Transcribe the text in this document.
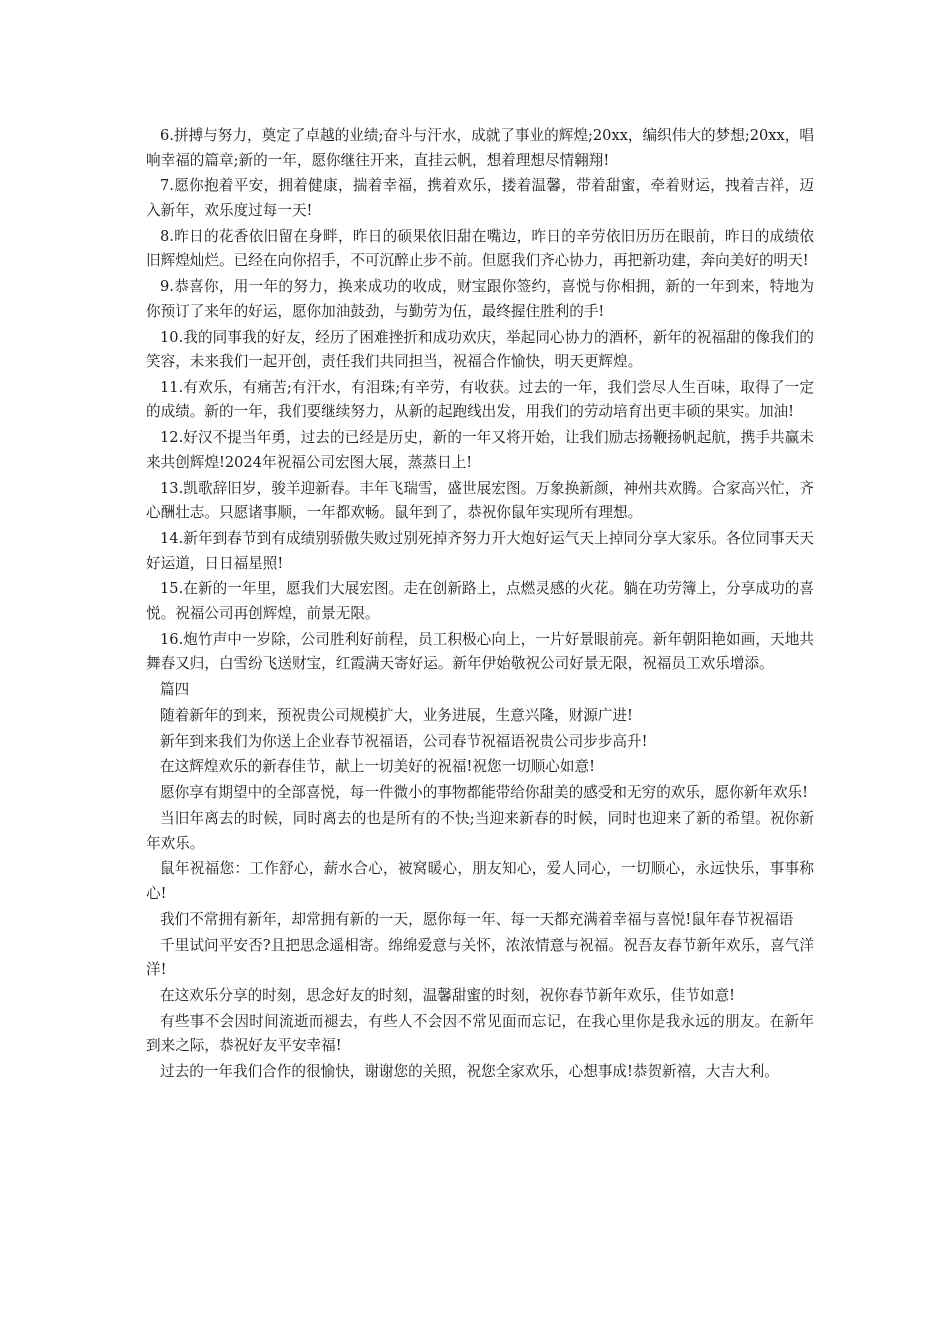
6.拼搏与努力，奠定了卓越的业绩;奋斗与汗水，成就了事业的辉煌;20xx，编织伟大的梦想;20xx，唱响幸福的篇章;新的一年，愿你继往开来，直挂云帆，想着理想尽情翱翔!

7.愿你抱着平安，拥着健康，揣着幸福，携着欢乐，搂着温馨，带着甜蜜，牵着财运，拽着吉祥，迈入新年，欢乐度过每一天!

8.昨日的花香依旧留在身畔，昨日的硕果依旧甜在嘴边，昨日的辛劳依旧历历在眼前，昨日的成绩依旧辉煌灿烂。已经在向你招手，不可沉醉止步不前。但愿我们齐心协力，再把新功建，奔向美好的明天!

9.恭喜你，用一年的努力，换来成功的收成，财宝跟你签约，喜悦与你相拥，新的一年到来，特地为你预订了来年的好运，愿你加油鼓劲，与勤劳为伍，最终握住胜利的手!

10.我的同事我的好友，经历了困难挫折和成功欢庆，举起同心协力的酒杯，新年的祝福甜的像我们的笑容，未来我们一起开创，责任我们共同担当，祝福合作愉快，明天更辉煌。

11.有欢乐，有痛苦;有汗水，有泪珠;有辛劳，有收获。过去的一年，我们尝尽人生百味，取得了一定的成绩。新的一年，我们要继续努力，从新的起跑线出发，用我们的劳动培育出更丰硕的果实。加油!

12.好汉不提当年勇，过去的已经是历史，新的一年又将开始，让我们励志扬鞭扬帆起航，携手共赢未来共创辉煌!2024年祝福公司宏图大展，蒸蒸日上!

13.凯歌辞旧岁，骏羊迎新春。丰年飞瑞雪，盛世展宏图。万象换新颜，神州共欢腾。合家高兴忙，齐心酬壮志。只愿诸事顺，一年都欢畅。鼠年到了，恭祝你鼠年实现所有理想。

14.新年到春节到有成绩别骄傲失败过别死掉齐努力开大炮好运气天上掉同分享大家乐。各位同事天天好运道，日日福星照!

15.在新的一年里，愿我们大展宏图。走在创新路上，点燃灵感的火花。躺在功劳簿上，分享成功的喜悦。祝福公司再创辉煌，前景无限。

16.炮竹声中一岁除，公司胜利好前程，员工积极心向上，一片好景眼前亮。新年朝阳艳如画，天地共舞春又归，白雪纷飞送财宝，红霞满天寄好运。新年伊始敬祝公司好景无限，祝福员工欢乐增添。

篇四

随着新年的到来，预祝贵公司规模扩大，业务进展，生意兴隆，财源广进!

新年到来我们为你送上企业春节祝福语，公司春节祝福语祝贵公司步步高升!

在这辉煌欢乐的新春佳节，献上一切美好的祝福!祝您一切顺心如意!

愿你享有期望中的全部喜悦，每一件微小的事物都能带给你甜美的感受和无穷的欢乐，愿你新年欢乐!

当旧年离去的时候，同时离去的也是所有的不快;当迎来新春的时候，同时也迎来了新的希望。祝你新年欢乐。

鼠年祝福您：工作舒心，薪水合心，被窝暖心，朋友知心，爱人同心，一切顺心，永远快乐，事事称心!

我们不常拥有新年，却常拥有新的一天，愿你每一年、每一天都充满着幸福与喜悦!鼠年春节祝福语

千里试问平安否?且把思念遥相寄。绵绵爱意与关怀，浓浓情意与祝福。祝吾友春节新年欢乐，喜气洋洋!

在这欢乐分享的时刻，思念好友的时刻，温馨甜蜜的时刻，祝你春节新年欢乐，佳节如意!

有些事不会因时间流逝而褪去，有些人不会因不常见面而忘记，在我心里你是我永远的朋友。在新年到来之际，恭祝好友平安幸福!

过去的一年我们合作的很愉快，谢谢您的关照，祝您全家欢乐，心想事成!恭贺新禧，大吉大利。
